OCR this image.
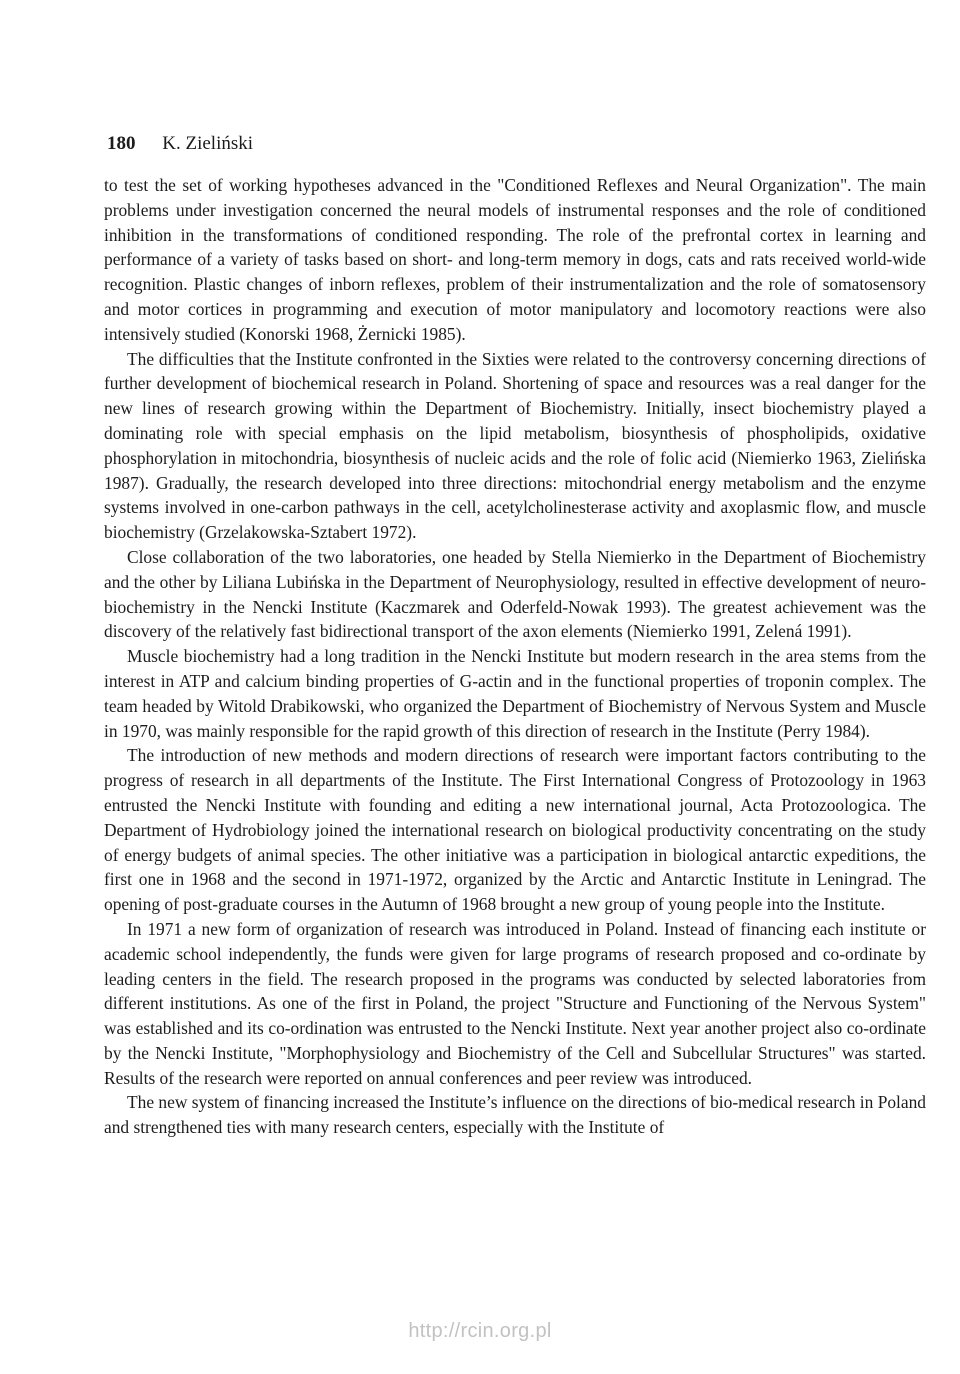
180 K. Zieliński

to test the set of working hypotheses advanced in the "Conditioned Reflexes and Neural Organization". The main problems under investigation concerned the neural models of instrumental responses and the role of conditioned inhibition in the transformations of conditioned responding. The role of the prefrontal cortex in learning and performance of a variety of tasks based on short- and long-term memory in dogs, cats and rats received world-wide recognition. Plastic changes of inborn reflexes, problem of their instrumentalization and the role of somatosensory and motor cortices in programming and execution of motor manipulatory and locomotory reactions were also intensively studied (Konorski 1968, Żernicki 1985).

The difficulties that the Institute confronted in the Sixties were related to the controversy concerning directions of further development of biochemical research in Poland. Shortening of space and resources was a real danger for the new lines of research growing within the Department of Biochemistry. Initially, insect biochemistry played a dominating role with special emphasis on the lipid metabolism, biosynthesis of phospholipids, oxidative phosphorylation in mitochondria, biosynthesis of nucleic acids and the role of folic acid (Niemierko 1963, Zielińska 1987). Gradually, the research developed into three directions: mitochondrial energy metabolism and the enzyme systems involved in one-carbon pathways in the cell, acetylcholinesterase activity and axoplasmic flow, and muscle biochemistry (Grzelakowska-Sztabert 1972).

Close collaboration of the two laboratories, one headed by Stella Niemierko in the Department of Biochemistry and the other by Liliana Lubińska in the Department of Neurophysiology, resulted in effective development of neuro-biochemistry in the Nencki Institute (Kaczmarek and Oderfeld-Nowak 1993). The greatest achievement was the discovery of the relatively fast bidirectional transport of the axon elements (Niemierko 1991, Zelená 1991).

Muscle biochemistry had a long tradition in the Nencki Institute but modern research in the area stems from the interest in ATP and calcium binding properties of G-actin and in the functional properties of troponin complex. The team headed by Witold Drabikowski, who organized the Department of Biochemistry of Nervous System and Muscle in 1970, was mainly responsible for the rapid growth of this direction of research in the Institute (Perry 1984).

The introduction of new methods and modern directions of research were important factors contributing to the progress of research in all departments of the Institute. The First International Congress of Protozoology in 1963 entrusted the Nencki Institute with founding and editing a new international journal, Acta Protozoologica. The Department of Hydrobiology joined the international research on biological productivity concentrating on the study of energy budgets of animal species. The other initiative was a participation in biological antarctic expeditions, the first one in 1968 and the second in 1971-1972, organized by the Arctic and Antarctic Institute in Leningrad. The opening of post-graduate courses in the Autumn of 1968 brought a new group of young people into the Institute.

In 1971 a new form of organization of research was introduced in Poland. Instead of financing each institute or academic school independently, the funds were given for large programs of research proposed and co-ordinate by leading centers in the field. The research proposed in the programs was conducted by selected laboratories from different institutions. As one of the first in Poland, the project "Structure and Functioning of the Nervous System" was established and its co-ordination was entrusted to the Nencki Institute. Next year another project also co-ordinate by the Nencki Institute, "Morphophysiology and Biochemistry of the Cell and Subcellular Structures" was started. Results of the research were reported on annual conferences and peer review was introduced.

The new system of financing increased the Institute’s influence on the directions of bio-medical research in Poland and strengthened ties with many research centers, especially with the Institute of

http://rcin.org.pl
